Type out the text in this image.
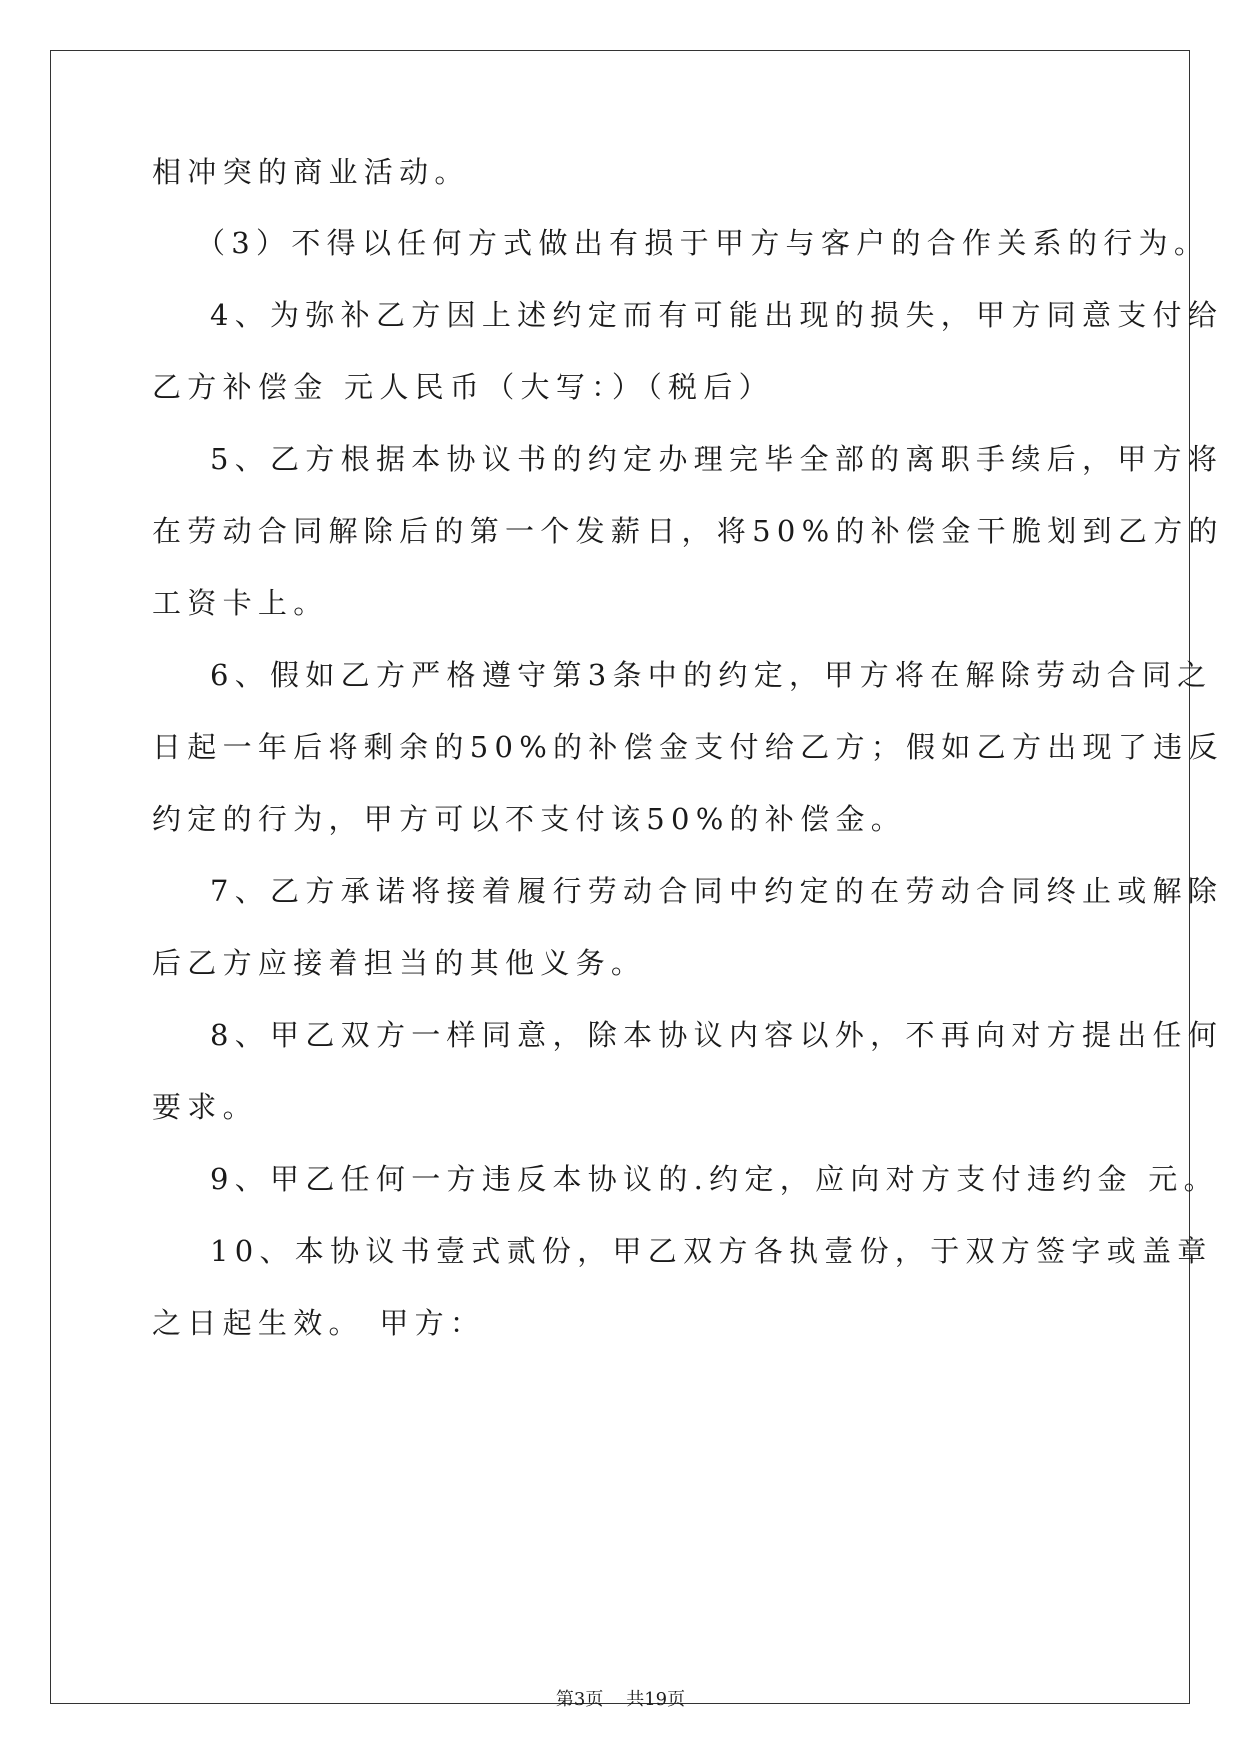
相冲突的商业活动。
（3）不得以任何方式做出有损于甲方与客户的合作关系的行为。
4、为弥补乙方因上述约定而有可能出现的损失，甲方同意支付给
乙方补偿金 元人民币（大写：）（税后）
5、乙方根据本协议书的约定办理完毕全部的离职手续后，甲方将
在劳动合同解除后的第一个发薪日，将50%的补偿金干脆划到乙方的
工资卡上。
6、假如乙方严格遵守第3条中的约定，甲方将在解除劳动合同之
日起一年后将剩余的50%的补偿金支付给乙方；假如乙方出现了违反
约定的行为，甲方可以不支付该50%的补偿金。
7、乙方承诺将接着履行劳动合同中约定的在劳动合同终止或解除
后乙方应接着担当的其他义务。
8、甲乙双方一样同意，除本协议内容以外，不再向对方提出任何
要求。
9、甲乙任何一方违反本协议的.约定，应向对方支付违约金 元。
10、本协议书壹式贰份，甲乙双方各执壹份，于双方签字或盖章
之日起生效。 甲方：
第3页    共19页
